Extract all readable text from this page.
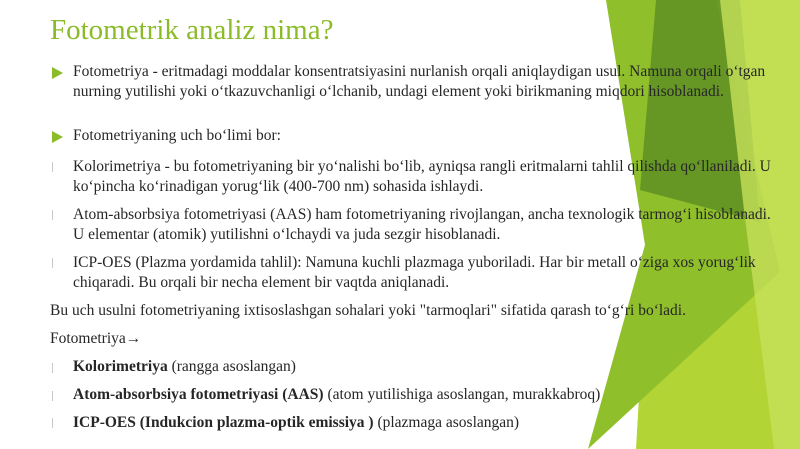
Fotometrik analiz nima?

Fotometriya - eritmadagi moddalar konsentratsiyasini nurlanish orqali aniqlaydigan usul. Namuna orqali o‘tgan nurning yutilishi yoki o‘tkazuvchanligi o‘lchanib, undagi element yoki birikmaning miqdori hisoblanadi.

Fotometriyaning uch bo‘limi bor:

Kolorimetriya - bu fotometriyaning bir yo‘nalishi bo‘lib, ayniqsa rangli eritmalarni tahlil qilishda qo‘llaniladi. U ko‘pincha ko‘rinadigan yorug‘lik (400-700 nm) sohasida ishlaydi.

Atom-absorbsiya fotometriyasi (AAS) ham fotometriyaning rivojlangan, ancha texnologik tarmog‘i hisoblanadi. U elementar (atomik) yutilishni o‘lchaydi va juda sezgir hisoblanadi.

ICP-OES (Plazma yordamida tahlil): Namuna kuchli plazmaga yuboriladi. Har bir metall o‘ziga xos yorug‘lik chiqaradi. Bu orqali bir necha element bir vaqtda aniqlanadi.

Bu uch usulni fotometriyaning ixtisoslashgan sohalari yoki "tarmoqlari" sifatida qarash to‘g‘ri bo‘ladi.

Fotometriya→

Kolorimetriya (rangga asoslangan)

Atom-absorbsiya fotometriyasi (AAS) (atom yutilishiga asoslangan, murakkabroq)

ICP-OES (Indukcion plazma-optik emissiya ) (plazmaga asoslangan)
